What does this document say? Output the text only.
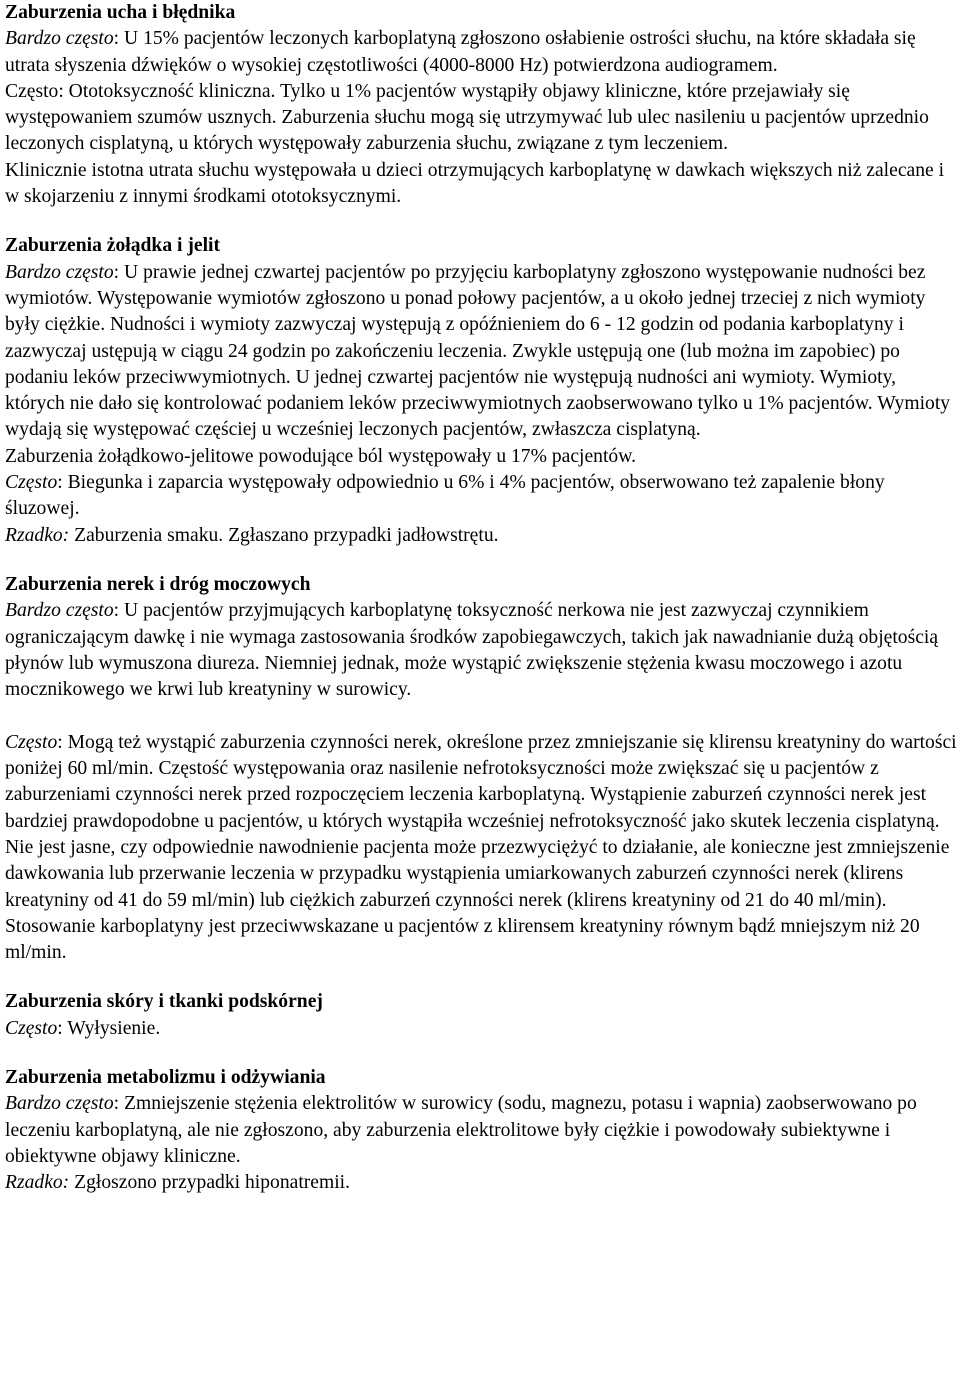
Zaburzenia ucha i błędnika

Bardzo często: U 15% pacjentów leczonych karboplatyną zgłoszono osłabienie ostrości słuchu, na które składała się utrata słyszenia dźwięków o wysokiej częstotliwości (4000-8000 Hz) potwierdzona audiogramem.

Często: Ototoksyczność kliniczna. Tylko u 1% pacjentów wystąpiły objawy kliniczne, które przejawiały się występowaniem szumów usznych. Zaburzenia słuchu mogą się utrzymywać lub ulec nasileniu u pacjentów uprzednio leczonych cisplatyną, u których występowały zaburzenia słuchu, związane z tym leczeniem.

Klinicznie istotna utrata słuchu występowała u dzieci otrzymujących karboplatynę w dawkach większych niż zalecane i w skojarzeniu z innymi środkami ototoksycznymi.

Zaburzenia żołądka i jelit

Bardzo często: U prawie jednej czwartej pacjentów po przyjęciu karboplatyny zgłoszono występowanie nudności bez wymiotów. Występowanie wymiotów zgłoszono u ponad połowy pacjentów, a u około jednej trzeciej z nich wymioty były ciężkie. Nudności i wymioty zazwyczaj występują z opóźnieniem do 6 - 12 godzin od podania karboplatyny i zazwyczaj ustępują w ciągu 24 godzin po zakończeniu leczenia. Zwykle ustępują one (lub można im zapobiec) po podaniu leków przeciwwymiotnych. U jednej czwartej pacjentów nie występują nudności ani wymioty. Wymioty, których nie dało się kontrolować podaniem leków przeciwwymiotnych zaobserwowano tylko u 1% pacjentów. Wymioty wydają się występować częściej u wcześniej leczonych pacjentów, zwłaszcza cisplatyną.

Zaburzenia żołądkowo-jelitowe powodujące ból występowały u 17% pacjentów.

Często: Biegunka i zaparcia występowały odpowiednio u 6% i 4% pacjentów, obserwowano też zapalenie błony śluzowej.

Rzadko: Zaburzenia smaku. Zgłaszano przypadki jadłowstrętu.

Zaburzenia nerek i dróg moczowych

Bardzo często: U pacjentów przyjmujących karboplatynę toksyczność nerkowa nie jest zazwyczaj czynnikiem ograniczającym dawkę i nie wymaga zastosowania środków zapobiegawczych, takich jak nawadnianie dużą objętością płynów lub wymuszona diureza. Niemniej jednak, może wystąpić zwiększenie stężenia kwasu moczowego i azotu mocznikowego we krwi lub kreatyniny w surowicy.

Często: Mogą też wystąpić zaburzenia czynności nerek, określone przez zmniejszanie się klirensu kreatyniny do wartości poniżej 60 ml/min. Częstość występowania oraz nasilenie nefrotoksyczności może zwiększać się u pacjentów z zaburzeniami czynności nerek przed rozpoczęciem leczenia karboplatyną. Wystąpienie zaburzeń czynności nerek jest bardziej prawdopodobne u pacjentów, u których wystąpiła wcześniej nefrotoksyczność jako skutek leczenia cisplatyną.

Nie jest jasne, czy odpowiednie nawodnienie pacjenta może przezwyciężyć to działanie, ale konieczne jest zmniejszenie dawkowania lub przerwanie leczenia w przypadku wystąpienia umiarkowanych zaburzeń czynności nerek (klirens kreatyniny od 41 do 59 ml/min) lub ciężkich zaburzeń czynności nerek (klirens kreatyniny od 21 do 40 ml/min). Stosowanie karboplatyny jest przeciwwskazane u pacjentów z klirensem kreatyniny równym bądź mniejszym niż 20 ml/min.

Zaburzenia skóry i tkanki podskórnej

Często: Wyłysienie.

Zaburzenia metabolizmu i odżywiania

Bardzo często: Zmniejszenie stężenia elektrolitów w surowicy (sodu, magnezu, potasu i wapnia) zaobserwowano po leczeniu karboplatyną, ale nie zgłoszono, aby zaburzenia elektrolitowe były ciężkie i powodowały subiektywne i obiektywne objawy kliniczne.

Rzadko: Zgłoszono przypadki hiponatremii.
